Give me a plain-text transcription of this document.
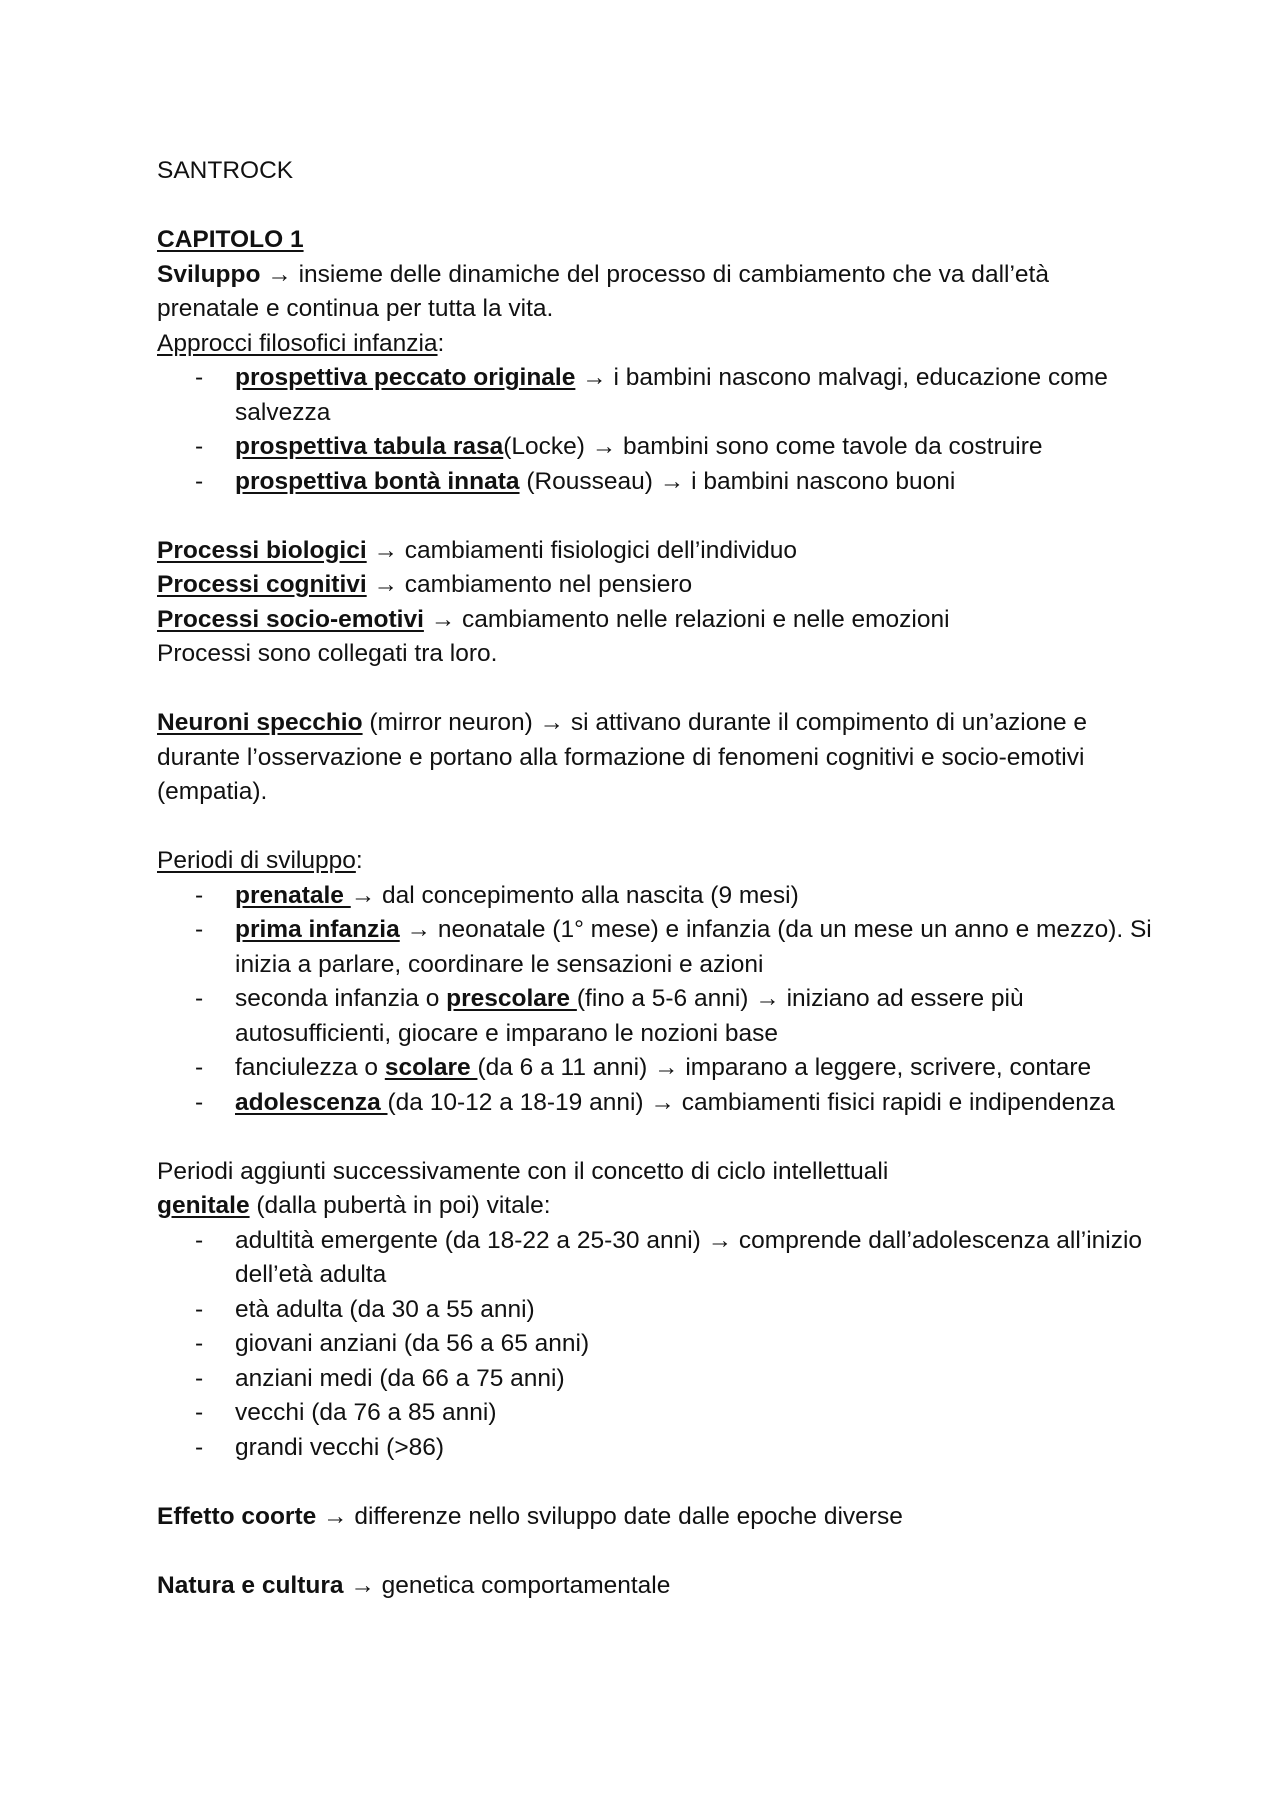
SANTROCK

CAPITOLO 1

Sviluppo → insieme delle dinamiche del processo di cambiamento che va dall’età prenatale e continua per tutta la vita.

Approcci filosofici infanzia:

- prospettiva peccato originale → i bambini nascono malvagi, educazione come salvezza
- prospettiva tabula rasa(Locke) → bambini sono come tavole da costruire
- prospettiva bontà innata (Rousseau) → i bambini nascono buoni

Processi biologici → cambiamenti fisiologici dell’individuo

Processi cognitivi → cambiamento nel pensiero

Processi socio-emotivi → cambiamento nelle relazioni e nelle emozioni

Processi sono collegati tra loro.

Neuroni specchio (mirror neuron) → si attivano durante il compimento di un’azione e durante l’osservazione e portano alla formazione di fenomeni cognitivi e socio-emotivi (empatia).

Periodi di sviluppo:

- prenatale → dal concepimento alla nascita (9 mesi)
- prima infanzia → neonatale (1° mese) e infanzia (da un mese un anno e mezzo). Si inizia a parlare, coordinare le sensazioni e azioni
- seconda infanzia o prescolare (fino a 5-6 anni) → iniziano ad essere più autosufficienti, giocare e imparano le nozioni base
- fanciulezza o scolare (da 6 a 11 anni) → imparano a leggere, scrivere, contare
- adolescenza (da 10-12 a 18-19 anni) → cambiamenti fisici rapidi e indipendenza

Periodi aggiunti successivamente con il concetto di ciclo intellettuali

genitale (dalla pubertà in poi) vitale:

- adultità emergente (da 18-22 a 25-30 anni) → comprende dall’adolescenza all’inizio dell’età adulta
- età adulta (da 30 a 55 anni)
- giovani anziani (da 56 a 65 anni)
- anziani medi (da 66 a 75 anni)
- vecchi (da 76 a 85 anni)
- grandi vecchi (>86)

Effetto coorte → differenze nello sviluppo date dalle epoche diverse

Natura e cultura → genetica comportamentale
